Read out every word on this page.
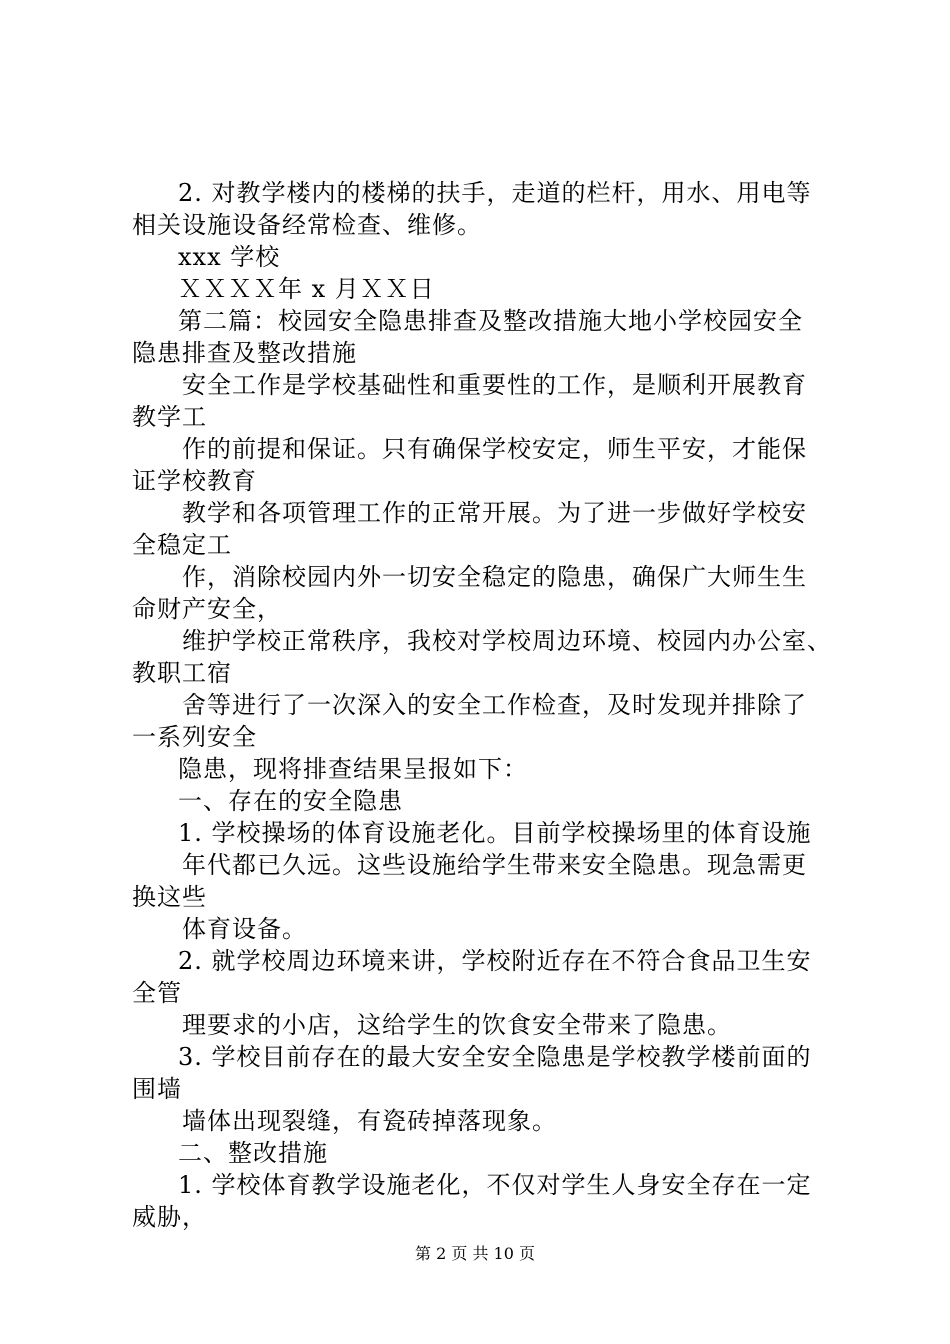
2. 对教学楼内的楼梯的扶手，走道的栏杆，用水、用电等
相关设施设备经常检查、维修。
xxx 学校
ＸＸＸＸ年 x 月ＸＸ日
第二篇：校园安全隐患排查及整改措施大地小学校园安全
隐患排查及整改措施
安全工作是学校基础性和重要性的工作，是顺利开展教育
教学工
作的前提和保证。只有确保学校安定，师生平安，才能保
证学校教育
教学和各项管理工作的正常开展。为了进一步做好学校安
全稳定工
作，消除校园内外一切安全稳定的隐患，确保广大师生生
命财产安全，
维护学校正常秩序，我校对学校周边环境、校园内办公室、
教职工宿
舍等进行了一次深入的安全工作检查，及时发现并排除了
一系列安全
隐患，现将排查结果呈报如下：
一、存在的安全隐患
1. 学校操场的体育设施老化。目前学校操场里的体育设施
年代都已久远。这些设施给学生带来安全隐患。现急需更
换这些
体育设备。
2. 就学校周边环境来讲，学校附近存在不符合食品卫生安
全管
理要求的小店，这给学生的饮食安全带来了隐患。
3. 学校目前存在的最大安全安全隐患是学校教学楼前面的
围墙
墙体出现裂缝，有瓷砖掉落现象。
二、整改措施
1. 学校体育教学设施老化，不仅对学生人身安全存在一定
威胁，
第 2 页 共 10 页
